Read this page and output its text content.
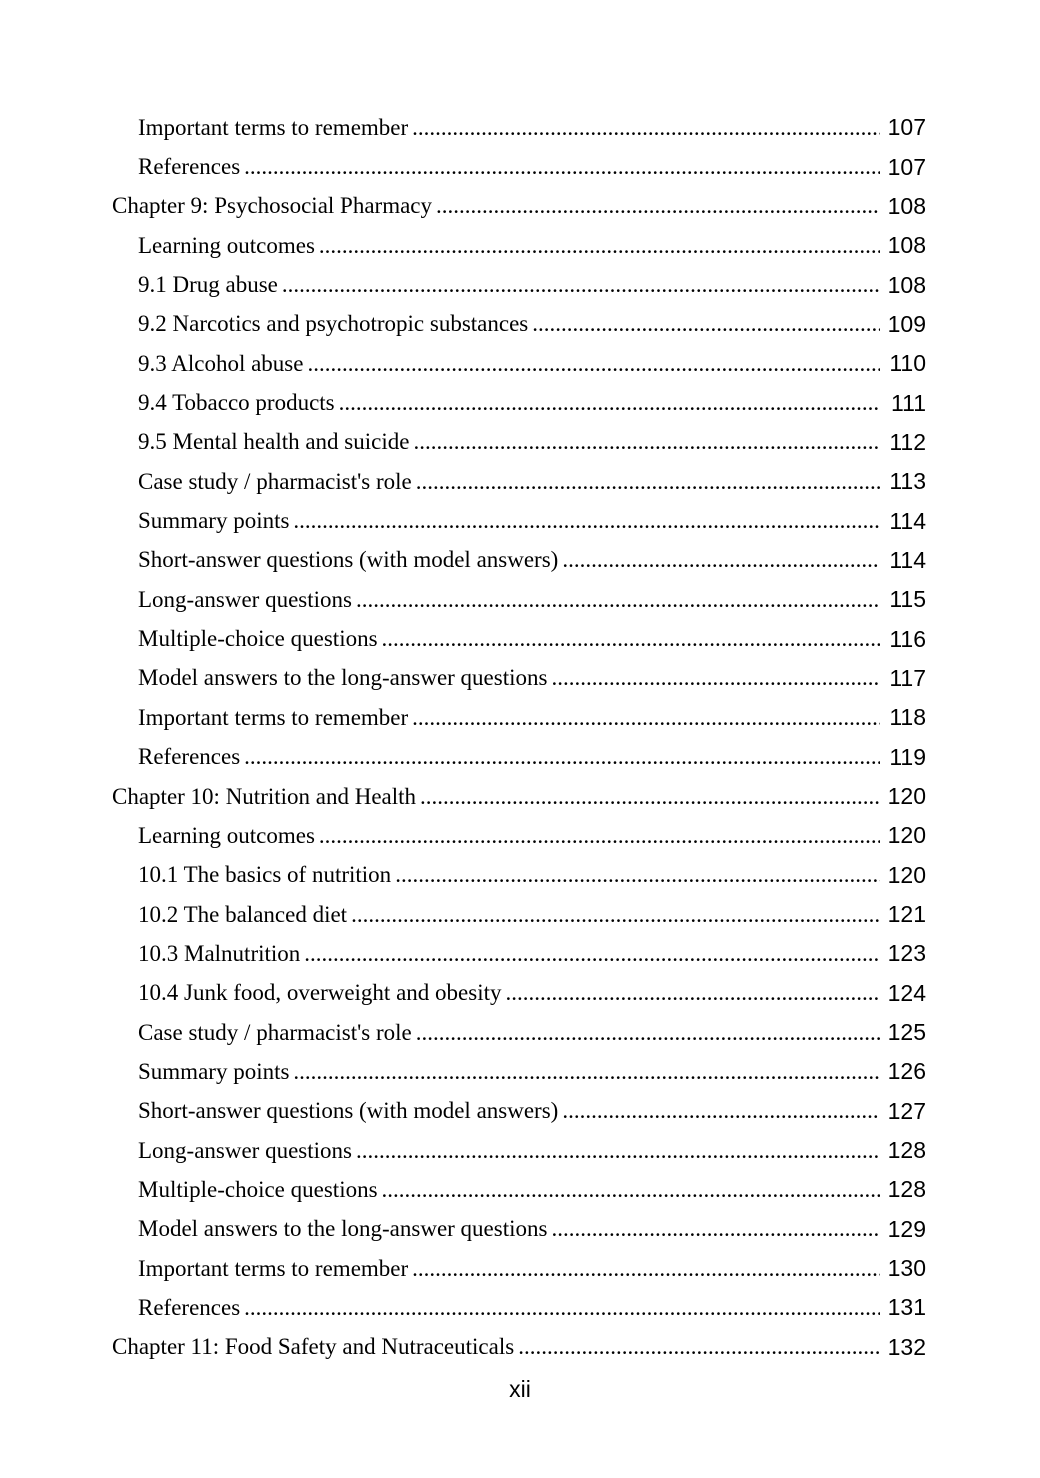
Important terms to remember .....	107
References .....	107
Chapter 9: Psychosocial Pharmacy .....	108
Learning outcomes .....	108
9.1 Drug abuse .....	108
9.2 Narcotics and psychotropic substances .....	109
9.3 Alcohol abuse .....	110
9.4 Tobacco products .....	111
9.5 Mental health and suicide .....	112
Case study / pharmacist's role .....	113
Summary points .....	114
Short-answer questions (with model answers) .....	114
Long-answer questions .....	115
Multiple-choice questions .....	116
Model answers to the long-answer questions .....	117
Important terms to remember .....	118
References .....	119
Chapter 10: Nutrition and Health .....	120
Learning outcomes .....	120
10.1 The basics of nutrition .....	120
10.2 The balanced diet .....	121
10.3 Malnutrition .....	123
10.4 Junk food, overweight and obesity .....	124
Case study / pharmacist's role .....	125
Summary points .....	126
Short-answer questions (with model answers) .....	127
Long-answer questions .....	128
Multiple-choice questions .....	128
Model answers to the long-answer questions .....	129
Important terms to remember .....	130
References .....	131
Chapter 11: Food Safety and Nutraceuticals .....	132
xii
